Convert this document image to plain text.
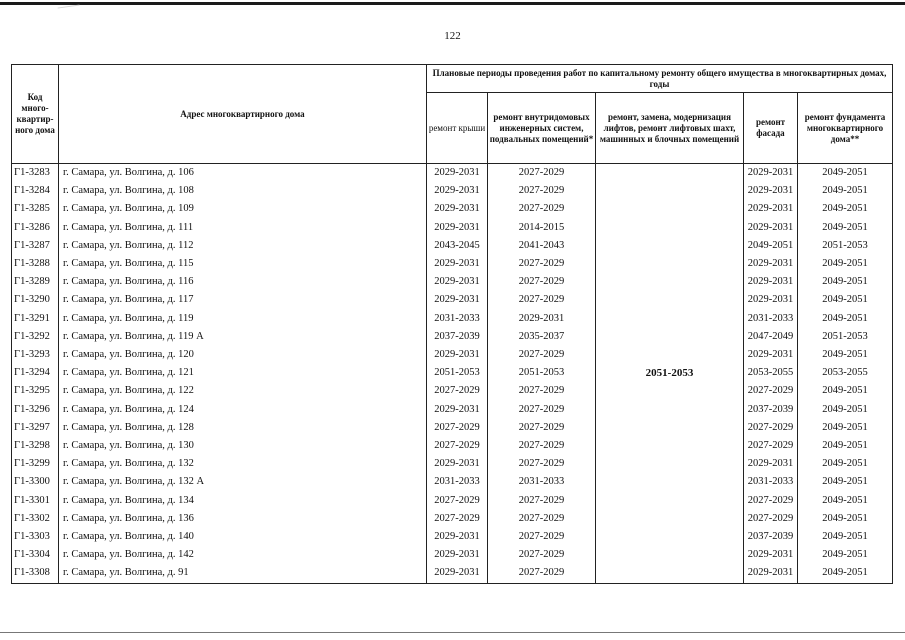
122
Код много-квартир-ного дома	Адрес многоквартирного дома	Плановые периоды проведения работ по капитальному ремонту общего имущества в многоквартирных домах, годы				
		ремонт крыши	ремонт внутридомовых инженерных систем, подвальных помещений*	ремонт, замена, модернизация лифтов, ремонт лифтовых шахт, машинных и блочных помещений	ремонт фасада	ремонт фундамента многоквартирного дома**
Г1-3283	г. Самара, ул. Волгина, д. 106	2029-2031	2027-2029		2029-2031	2049-2051
Г1-3284	г. Самара, ул. Волгина, д. 108	2029-2031	2027-2029		2029-2031	2049-2051
Г1-3285	г. Самара, ул. Волгина, д. 109	2029-2031	2027-2029		2029-2031	2049-2051
Г1-3286	г. Самара, ул. Волгина, д. 111	2029-2031	2014-2015		2029-2031	2049-2051
Г1-3287	г. Самара, ул. Волгина, д. 112	2043-2045	2041-2043		2049-2051	2051-2053
Г1-3288	г. Самара, ул. Волгина, д. 115	2029-2031	2027-2029		2029-2031	2049-2051
Г1-3289	г. Самара, ул. Волгина, д. 116	2029-2031	2027-2029		2029-2031	2049-2051
Г1-3290	г. Самара, ул. Волгина, д. 117	2029-2031	2027-2029		2029-2031	2049-2051
Г1-3291	г. Самара, ул. Волгина, д. 119	2031-2033	2029-2031		2031-2033	2049-2051
Г1-3292	г. Самара, ул. Волгина, д. 119 А	2037-2039	2035-2037		2047-2049	2051-2053
Г1-3293	г. Самара, ул. Волгина, д. 120	2029-2031	2027-2029		2029-2031	2049-2051
Г1-3294	г. Самара, ул. Волгина, д. 121	2051-2053	2051-2053	2051-2053	2053-2055	2053-2055
Г1-3295	г. Самара, ул. Волгина, д. 122	2027-2029	2027-2029		2027-2029	2049-2051
Г1-3296	г. Самара, ул. Волгина, д. 124	2029-2031	2027-2029		2037-2039	2049-2051
Г1-3297	г. Самара, ул. Волгина, д. 128	2027-2029	2027-2029		2027-2029	2049-2051
Г1-3298	г. Самара, ул. Волгина, д. 130	2027-2029	2027-2029		2027-2029	2049-2051
Г1-3299	г. Самара, ул. Волгина, д. 132	2029-2031	2027-2029		2029-2031	2049-2051
Г1-3300	г. Самара, ул. Волгина, д. 132 А	2031-2033	2031-2033		2031-2033	2049-2051
Г1-3301	г. Самара, ул. Волгина, д. 134	2027-2029	2027-2029		2027-2029	2049-2051
Г1-3302	г. Самара, ул. Волгина, д. 136	2027-2029	2027-2029		2027-2029	2049-2051
Г1-3303	г. Самара, ул. Волгина, д. 140	2029-2031	2027-2029		2037-2039	2049-2051
Г1-3304	г. Самара, ул. Волгина, д. 142	2029-2031	2027-2029		2029-2031	2049-2051
Г1-3308	г. Самара, ул. Волгина, д. 91	2029-2031	2027-2029		2029-2031	2049-2051
